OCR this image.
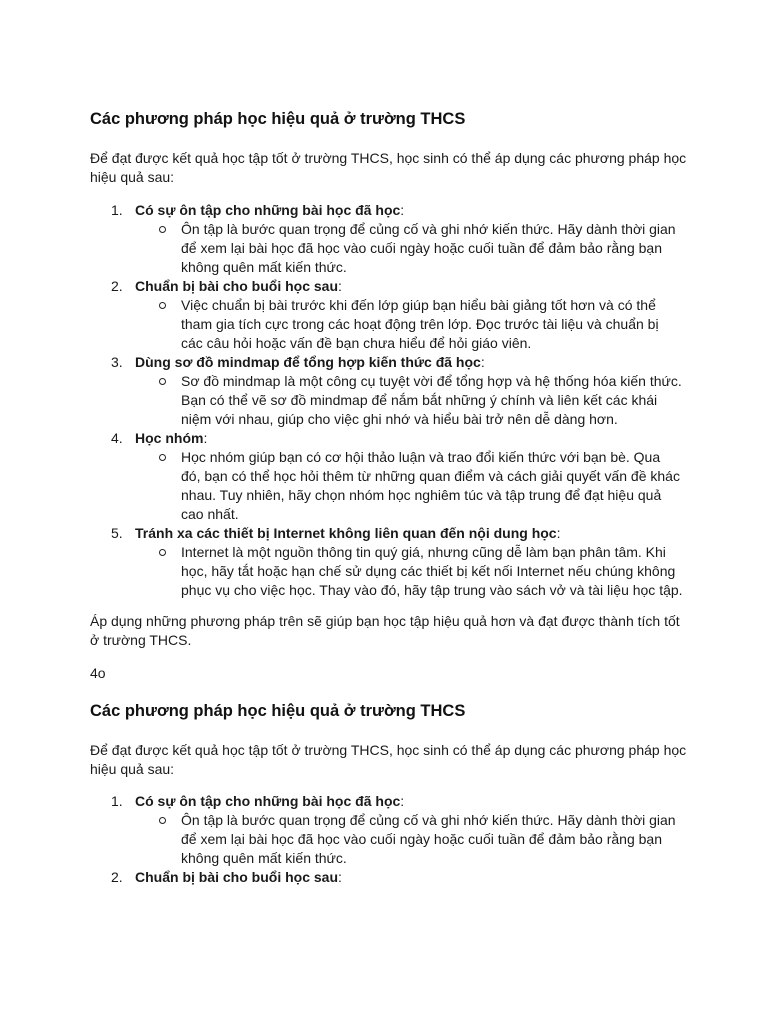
Các phương pháp học hiệu quả ở trường THCS
Để đạt được kết quả học tập tốt ở trường THCS, học sinh có thể áp dụng các phương pháp học hiệu quả sau:
1. Có sự ôn tập cho những bài học đã học:
Ôn tập là bước quan trọng để củng cố và ghi nhớ kiến thức. Hãy dành thời gian để xem lại bài học đã học vào cuối ngày hoặc cuối tuần để đảm bảo rằng bạn không quên mất kiến thức.
2. Chuẩn bị bài cho buổi học sau:
Việc chuẩn bị bài trước khi đến lớp giúp bạn hiểu bài giảng tốt hơn và có thể tham gia tích cực trong các hoạt động trên lớp. Đọc trước tài liệu và chuẩn bị các câu hỏi hoặc vấn đề bạn chưa hiểu để hỏi giáo viên.
3. Dùng sơ đồ mindmap để tổng hợp kiến thức đã học:
Sơ đồ mindmap là một công cụ tuyệt vời để tổng hợp và hệ thống hóa kiến thức. Bạn có thể vẽ sơ đồ mindmap để nắm bắt những ý chính và liên kết các khái niệm với nhau, giúp cho việc ghi nhớ và hiểu bài trở nên dễ dàng hơn.
4. Học nhóm:
Học nhóm giúp bạn có cơ hội thảo luận và trao đổi kiến thức với bạn bè. Qua đó, bạn có thể học hỏi thêm từ những quan điểm và cách giải quyết vấn đề khác nhau. Tuy nhiên, hãy chọn nhóm học nghiêm túc và tập trung để đạt hiệu quả cao nhất.
5. Tránh xa các thiết bị Internet không liên quan đến nội dung học:
Internet là một nguồn thông tin quý giá, nhưng cũng dễ làm bạn phân tâm. Khi học, hãy tắt hoặc hạn chế sử dụng các thiết bị kết nối Internet nếu chúng không phục vụ cho việc học. Thay vào đó, hãy tập trung vào sách vở và tài liệu học tập.
Áp dụng những phương pháp trên sẽ giúp bạn học tập hiệu quả hơn và đạt được thành tích tốt ở trường THCS.
4o
Các phương pháp học hiệu quả ở trường THCS
Để đạt được kết quả học tập tốt ở trường THCS, học sinh có thể áp dụng các phương pháp học hiệu quả sau:
1. Có sự ôn tập cho những bài học đã học:
Ôn tập là bước quan trọng để củng cố và ghi nhớ kiến thức. Hãy dành thời gian để xem lại bài học đã học vào cuối ngày hoặc cuối tuần để đảm bảo rằng bạn không quên mất kiến thức.
2. Chuẩn bị bài cho buổi học sau:
